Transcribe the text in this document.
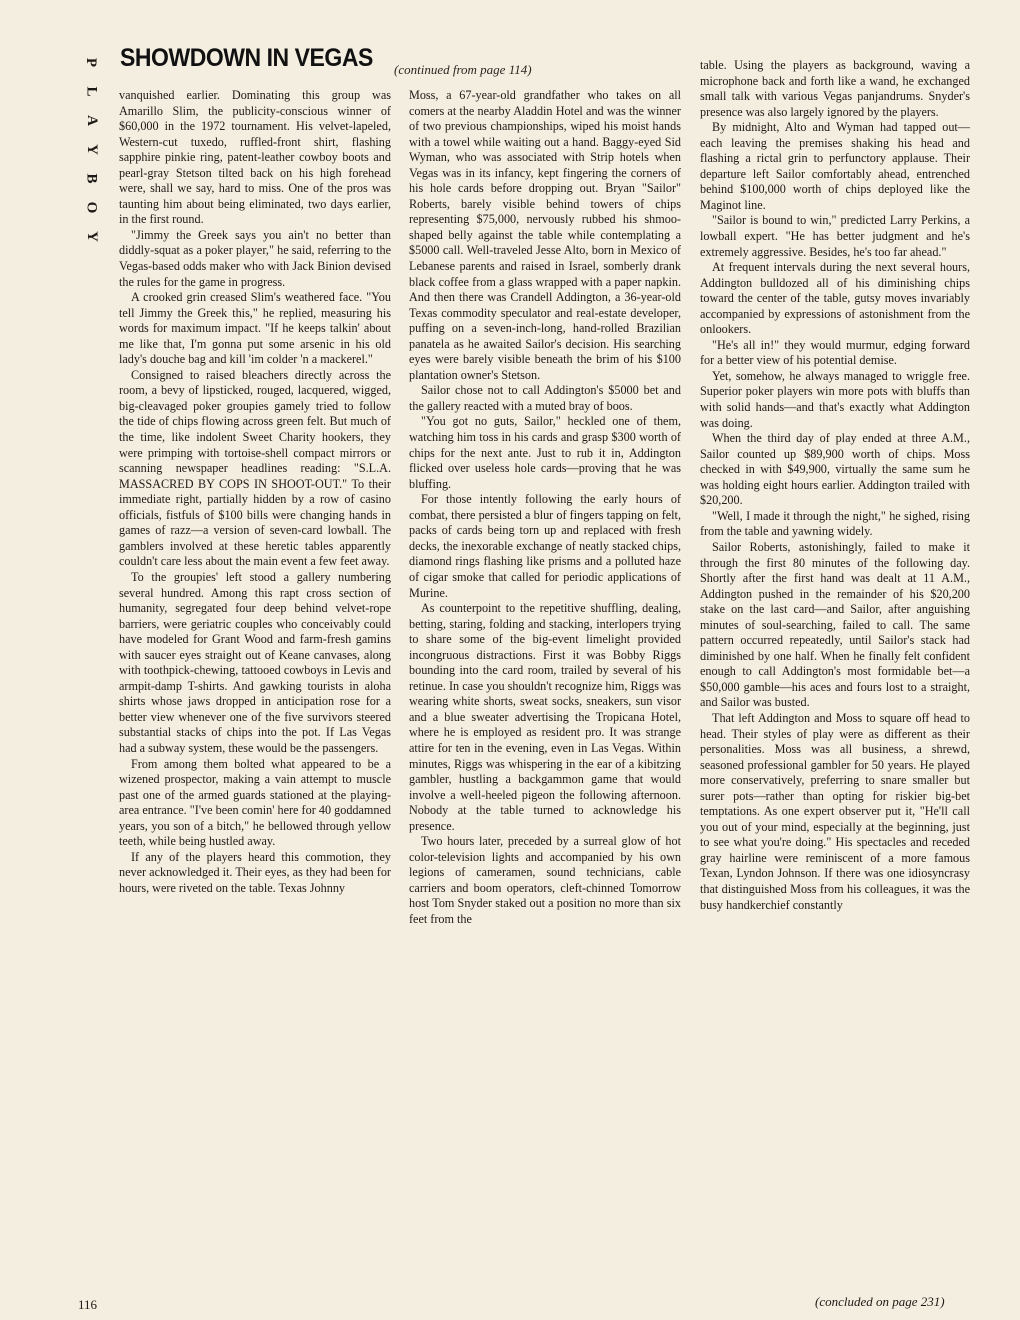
P
L
A
Y
B
O
Y
SHOWDOWN IN VEGAS (continued from page 114)

vanquished earlier. Dominating this group was Amarillo Slim, the publicity-conscious winner of $60,000 in the 1972 tournament. His velvet-lapeled, Western-cut tuxedo, ruffled-front shirt, flashing sapphire pinkie ring, patent-leather cowboy boots and pearl-gray Stetson tilted back on his high forehead were, shall we say, hard to miss. One of the pros was taunting him about being eliminated, two days earlier, in the first round.

"Jimmy the Greek says you ain't no better than diddly-squat as a poker player," he said, referring to the Vegas-based odds maker who with Jack Binion devised the rules for the game in progress.

A crooked grin creased Slim's weathered face. "You tell Jimmy the Greek this," he replied, measuring his words for maximum impact. "If he keeps talkin' about me like that, I'm gonna put some arsenic in his old lady's douche bag and kill 'im colder 'n a mackerel."

Consigned to raised bleachers directly across the room, a bevy of lipsticked, rouged, lacquered, wigged, big-cleavaged poker groupies gamely tried to follow the tide of chips flowing across green felt. But much of the time, like indolent Sweet Charity hookers, they were primping with tortoise-shell compact mirrors or scanning newspaper headlines reading: "S.L.A. MASSACRED BY COPS IN SHOOT-OUT." To their immediate right, partially hidden by a row of casino officials, fistfuls of $100 bills were changing hands in games of razz—a version of seven-card lowball. The gamblers involved at these heretic tables apparently couldn't care less about the main event a few feet away.

To the groupies' left stood a gallery numbering several hundred. Among this rapt cross section of humanity, segregated four deep behind velvet-rope barriers, were geriatric couples who conceivably could have modeled for Grant Wood and farm-fresh gamins with saucer eyes straight out of Keane canvases, along with toothpick-chewing, tattooed cowboys in Levis and armpit-damp T-shirts. And gawking tourists in aloha shirts whose jaws dropped in anticipation rose for a better view whenever one of the five survivors steered substantial stacks of chips into the pot. If Las Vegas had a subway system, these would be the passengers.

From among them bolted what appeared to be a wizened prospector, making a vain attempt to muscle past one of the armed guards stationed at the playing-area entrance. "I've been comin' here for 40 goddamned years, you son of a bitch," he bellowed through yellow teeth, while being hustled away.

If any of the players heard this commotion, they never acknowledged it. Their eyes, as they had been for hours, were riveted on the table. Texas Johnny

Moss, a 67-year-old grandfather who takes on all comers at the nearby Aladdin Hotel and was the winner of two previous championships, wiped his moist hands with a towel while waiting out a hand. Baggy-eyed Sid Wyman, who was associated with Strip hotels when Vegas was in its infancy, kept fingering the corners of his hole cards before dropping out. Bryan "Sailor" Roberts, barely visible behind towers of chips representing $75,000, nervously rubbed his shmoo-shaped belly against the table while contemplating a $5000 call. Well-traveled Jesse Alto, born in Mexico of Lebanese parents and raised in Israel, somberly drank black coffee from a glass wrapped with a paper napkin. And then there was Crandell Addington, a 36-year-old Texas commodity speculator and real-estate developer, puffing on a seven-inch-long, hand-rolled Brazilian panatela as he awaited Sailor's decision. His searching eyes were barely visible beneath the brim of his $100 plantation owner's Stetson.

Sailor chose not to call Addington's $5000 bet and the gallery reacted with a muted bray of boos.

"You got no guts, Sailor," heckled one of them, watching him toss in his cards and grasp $300 worth of chips for the next ante. Just to rub it in, Addington flicked over useless hole cards—proving that he was bluffing.

For those intently following the early hours of combat, there persisted a blur of fingers tapping on felt, packs of cards being torn up and replaced with fresh decks, the inexorable exchange of neatly stacked chips, diamond rings flashing like prisms and a polluted haze of cigar smoke that called for periodic applications of Murine.

As counterpoint to the repetitive shuffling, dealing, betting, staring, folding and stacking, interlopers trying to share some of the big-event limelight provided incongruous distractions. First it was Bobby Riggs bounding into the card room, trailed by several of his retinue. In case you shouldn't recognize him, Riggs was wearing white shorts, sweat socks, sneakers, sun visor and a blue sweater advertising the Tropicana Hotel, where he is employed as resident pro. It was strange attire for ten in the evening, even in Las Vegas. Within minutes, Riggs was whispering in the ear of a kibitzing gambler, hustling a backgammon game that would involve a well-heeled pigeon the following afternoon. Nobody at the table turned to acknowledge his presence.

Two hours later, preceded by a surreal glow of hot color-television lights and accompanied by his own legions of cameramen, sound technicians, cable carriers and boom operators, cleft-chinned Tomorrow host Tom Snyder staked out a position no more than six feet from the

table. Using the players as background, waving a microphone back and forth like a wand, he exchanged small talk with various Vegas panjandrums. Snyder's presence was also largely ignored by the players.

By midnight, Alto and Wyman had tapped out—each leaving the premises shaking his head and flashing a rictal grin to perfunctory applause. Their departure left Sailor comfortably ahead, entrenched behind $100,000 worth of chips deployed like the Maginot line.

"Sailor is bound to win," predicted Larry Perkins, a lowball expert. "He has better judgment and he's extremely aggressive. Besides, he's too far ahead."

At frequent intervals during the next several hours, Addington bulldozed all of his diminishing chips toward the center of the table, gutsy moves invariably accompanied by expressions of astonishment from the onlookers.

"He's all in!" they would murmur, edging forward for a better view of his potential demise.

Yet, somehow, he always managed to wriggle free. Superior poker players win more pots with bluffs than with solid hands—and that's exactly what Addington was doing.

When the third day of play ended at three A.M., Sailor counted up $89,900 worth of chips. Moss checked in with $49,900, virtually the same sum he was holding eight hours earlier. Addington trailed with $20,200.

"Well, I made it through the night," he sighed, rising from the table and yawning widely.

Sailor Roberts, astonishingly, failed to make it through the first 80 minutes of the following day. Shortly after the first hand was dealt at 11 A.M., Addington pushed in the remainder of his $20,200 stake on the last card—and Sailor, after anguishing minutes of soul-searching, failed to call. The same pattern occurred repeatedly, until Sailor's stack had diminished by one half. When he finally felt confident enough to call Addington's most formidable bet—a $50,000 gamble—his aces and fours lost to a straight, and Sailor was busted.

That left Addington and Moss to square off head to head. Their styles of play were as different as their personalities. Moss was all business, a shrewd, seasoned professional gambler for 50 years. He played more conservatively, preferring to snare smaller but surer pots—rather than opting for riskier big-bet temptations. As one expert observer put it, "He'll call you out of your mind, especially at the beginning, just to see what you're doing." His spectacles and receded gray hairline were reminiscent of a more famous Texan, Lyndon Johnson. If there was one idiosyncrasy that distinguished Moss from his colleagues, it was the busy handkerchief constantly

116	(concluded on page 231)
